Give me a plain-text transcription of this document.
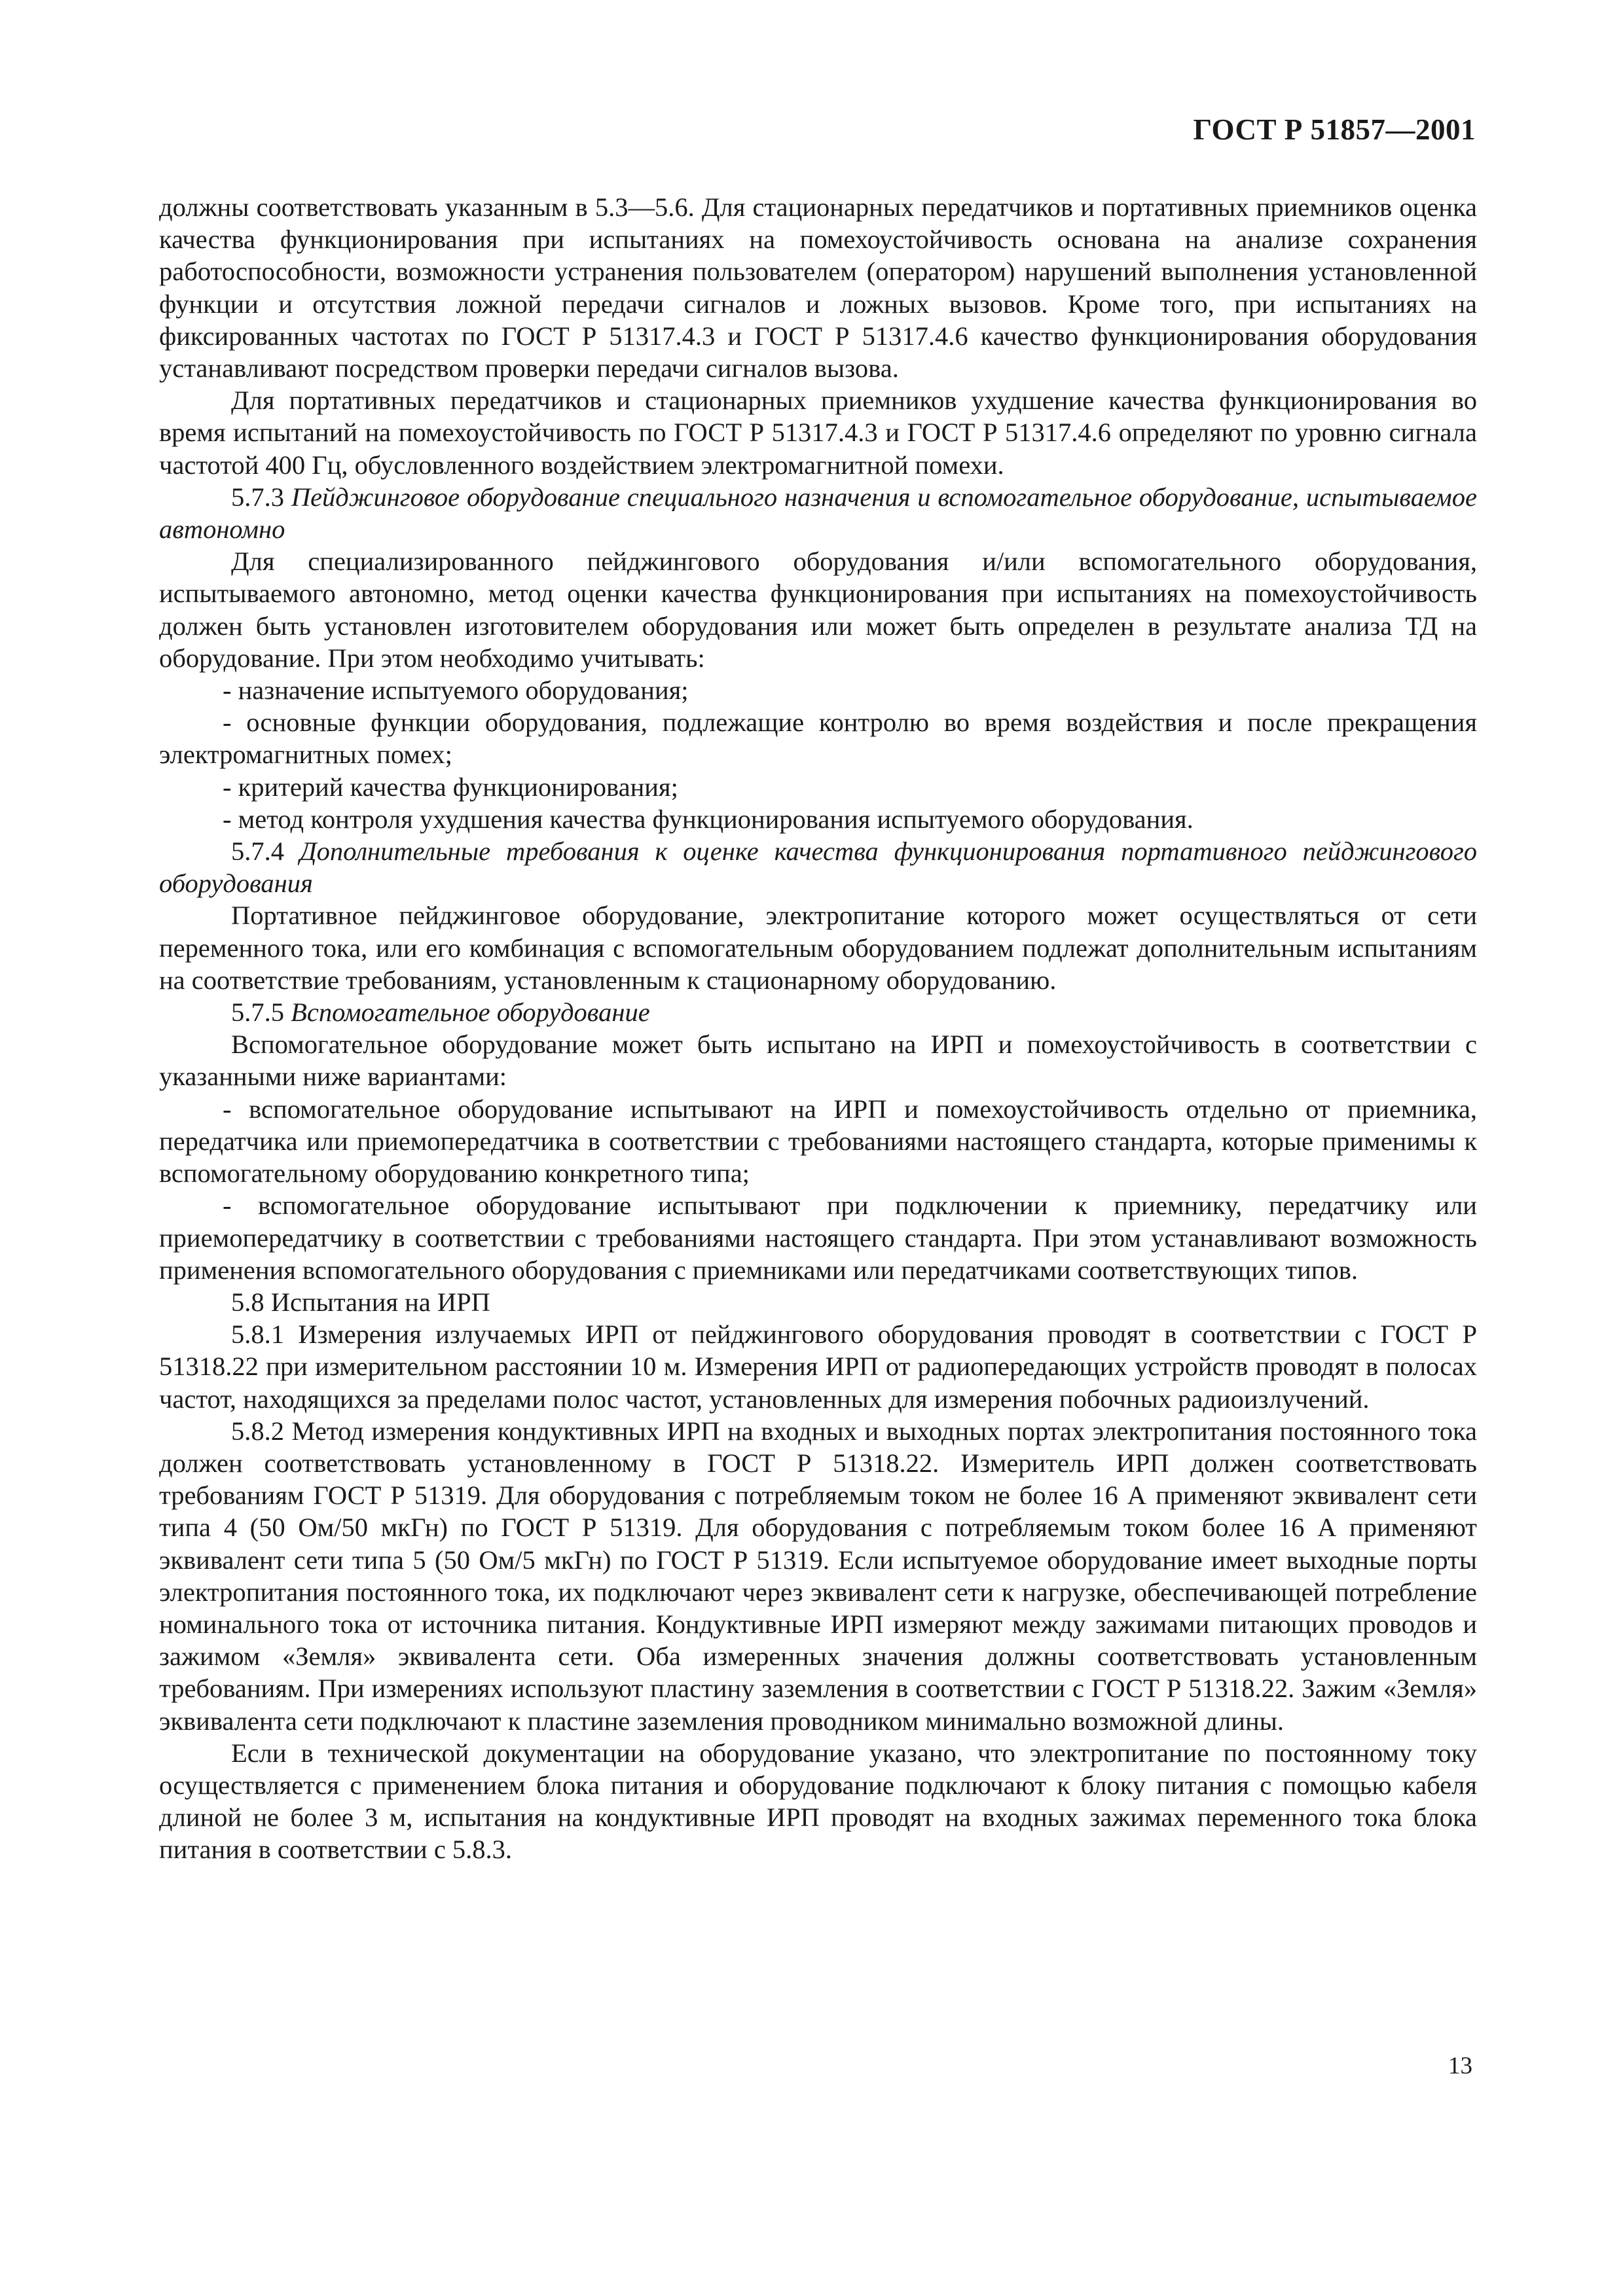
ГОСТ Р 51857—2001

должны соответствовать указанным в 5.3—5.6. Для стационарных передатчиков и портативных приемников оценка качества функционирования при испытаниях на помехоустойчивость основана на анализе сохранения работоспособности, возможности устранения пользователем (оператором) нарушений выполнения установленной функции и отсутствия ложной передачи сигналов и ложных вызовов. Кроме того, при испытаниях на фиксированных частотах по ГОСТ Р 51317.4.3 и ГОСТ Р 51317.4.6 качество функционирования оборудования устанавливают посредством проверки передачи сигналов вызова.

Для портативных передатчиков и стационарных приемников ухудшение качества функционирования во время испытаний на помехоустойчивость по ГОСТ Р 51317.4.3 и ГОСТ Р 51317.4.6 определяют по уровню сигнала частотой 400 Гц, обусловленного воздействием электромагнитной помехи.

5.7.3 Пейджинговое оборудование специального назначения и вспомогательное оборудование, испытываемое автономно

Для специализированного пейджингового оборудования и/или вспомогательного оборудования, испытываемого автономно, метод оценки качества функционирования при испытаниях на помехоустойчивость должен быть установлен изготовителем оборудования или может быть определен в результате анализа ТД на оборудование. При этом необходимо учитывать:

- назначение испытуемого оборудования;

- основные функции оборудования, подлежащие контролю во время воздействия и после прекращения электромагнитных помех;

- критерий качества функционирования;

- метод контроля ухудшения качества функционирования испытуемого оборудования.

5.7.4 Дополнительные требования к оценке качества функционирования портативного пейджингового оборудования

Портативное пейджинговое оборудование, электропитание которого может осуществляться от сети переменного тока, или его комбинация с вспомогательным оборудованием подлежат дополнительным испытаниям на соответствие требованиям, установленным к стационарному оборудованию.

5.7.5 Вспомогательное оборудование

Вспомогательное оборудование может быть испытано на ИРП и помехоустойчивость в соответствии с указанными ниже вариантами:

- вспомогательное оборудование испытывают на ИРП и помехоустойчивость отдельно от приемника, передатчика или приемопередатчика в соответствии с требованиями настоящего стандарта, которые применимы к вспомогательному оборудованию конкретного типа;

- вспомогательное оборудование испытывают при подключении к приемнику, передатчику или приемопередатчику в соответствии с требованиями настоящего стандарта. При этом устанавливают возможность применения вспомогательного оборудования с приемниками или передатчиками соответствующих типов.

5.8 Испытания на ИРП

5.8.1 Измерения излучаемых ИРП от пейджингового оборудования проводят в соответствии с ГОСТ Р 51318.22 при измерительном расстоянии 10 м. Измерения ИРП от радиопередающих устройств проводят в полосах частот, находящихся за пределами полос частот, установленных для измерения побочных радиоизлучений.

5.8.2 Метод измерения кондуктивных ИРП на входных и выходных портах электропитания постоянного тока должен соответствовать установленному в ГОСТ Р 51318.22. Измеритель ИРП должен соответствовать требованиям ГОСТ Р 51319. Для оборудования с потребляемым током не более 16 А применяют эквивалент сети типа 4 (50 Ом/50 мкГн) по ГОСТ Р 51319. Для оборудования с потребляемым током более 16 А применяют эквивалент сети типа 5 (50 Ом/5 мкГн) по ГОСТ Р 51319. Если испытуемое оборудование имеет выходные порты электропитания постоянного тока, их подключают через эквивалент сети к нагрузке, обеспечивающей потребление номинального тока от источника питания. Кондуктивные ИРП измеряют между зажимами питающих проводов и зажимом «Земля» эквивалента сети. Оба измеренных значения должны соответствовать установленным требованиям. При измерениях используют пластину заземления в соответствии с ГОСТ Р 51318.22. Зажим «Земля» эквивалента сети подключают к пластине заземления проводником минимально возможной длины.

Если в технической документации на оборудование указано, что электропитание по постоянному току осуществляется с применением блока питания и оборудование подключают к блоку питания с помощью кабеля длиной не более 3 м, испытания на кондуктивные ИРП проводят на входных зажимах переменного тока блока питания в соответствии с 5.8.3.

13
